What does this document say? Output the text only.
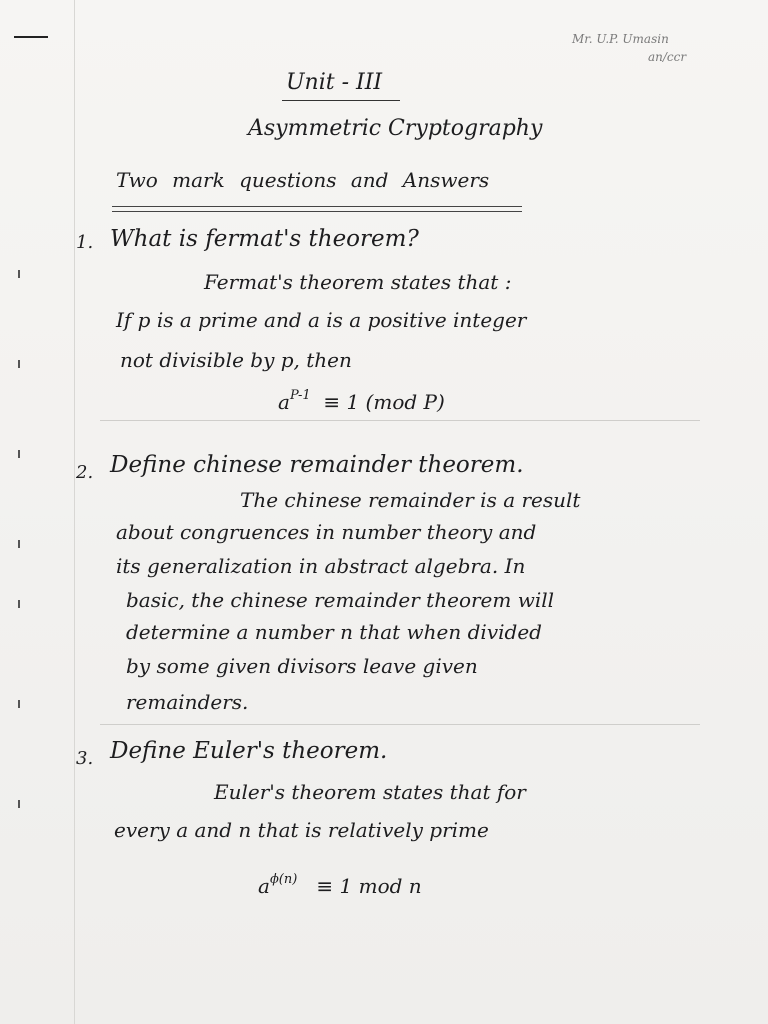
Mr. U.P. Umasin
an/ccr
Unit - III
Asymmetric Cryptography
Two mark questions and Answers
1. What is fermat's theorem?
Fermat's theorem states that :
If p is a prime and a is a positive integer
not divisible by p, then
$a^{P-1} \equiv 1$ (mod P)
2. Define chinese remainder theorem.
The chinese remainder is a result
about congruences in number theory and
its generalization in abstract algebra. In
basic, the chinese remainder theorem will
determine a number n that when divided
by some given divisors leave given
remainders.
3. Define Euler's theorem.
Euler's theorem states that for
every a and n that is relatively prime
$a^{\phi(n)} \equiv 1$ mod n
